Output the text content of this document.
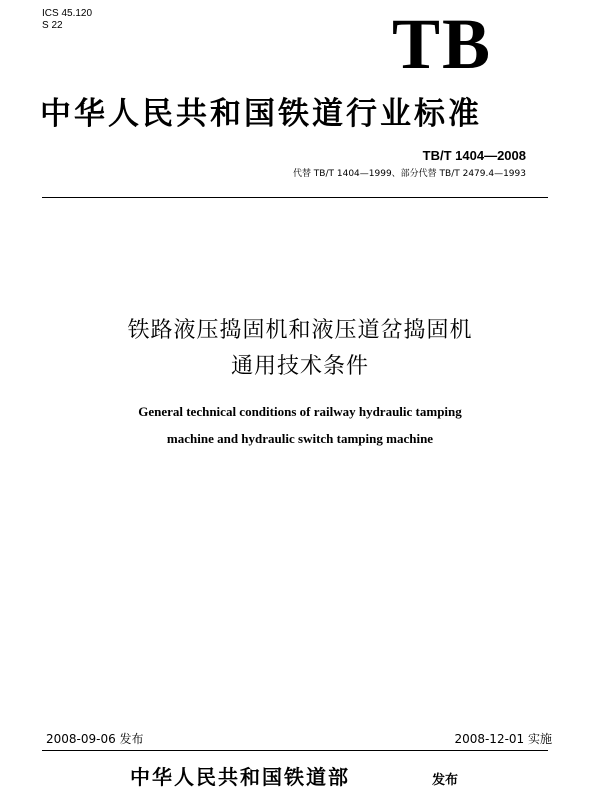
ICS 45.120
S 22	TB
中华人民共和国铁道行业标准
TB/T 1404—2008
代替 TB/T 1404—1999、部分代替 TB/T 2479.4—1993
铁路液压捣固机和液压道岔捣固机
通用技术条件
General technical conditions of railway hydraulic tamping
machine and hydraulic switch tamping machine
2008-09-06 发布	2008-12-01 实施
中华人民共和国铁道部	发布
